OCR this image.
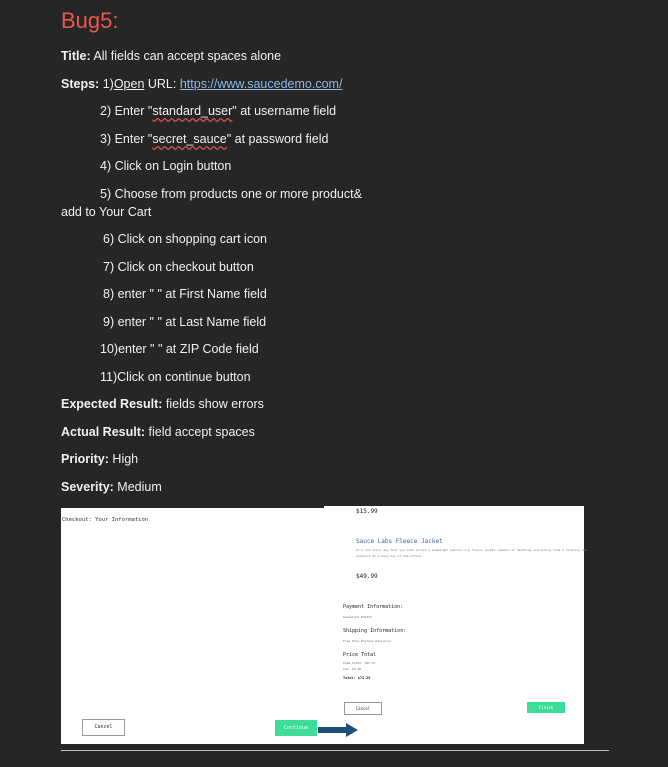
Bug5:
Title: All fields can accept spaces alone
Steps: 1)Open URL: https://www.saucedemo.com/
2) Enter "standard_user" at username field
3) Enter "secret_sauce" at password field
4) Click on Login button
5) Choose from products one or more product&
add to Your Cart
6) Click on shopping cart icon
7) Click on checkout button
8) enter " " at First Name field
9) enter " " at Last Name field
10)enter " " at ZIP Code field
11)Click on continue button
Expected Result: fields show errors
Actual Result: field accept spaces
Priority: High
Severity: Medium
Checkout: Your Information
Cancel	Continue
$15.99
Sauce Labs Fleece Jacket
It's not every day that you come across a midweight quarter-zip fleece jacket capable of handling everything from a relaxing day
outdoors to a busy day at the office.
$49.99
Payment Information:
SauceCard #31337
Shipping Information:
Free Pony Express Delivery!
Price Total
Item total: $65.97
Tax: $5.28
Total: $71.25
Cancel	Finish
